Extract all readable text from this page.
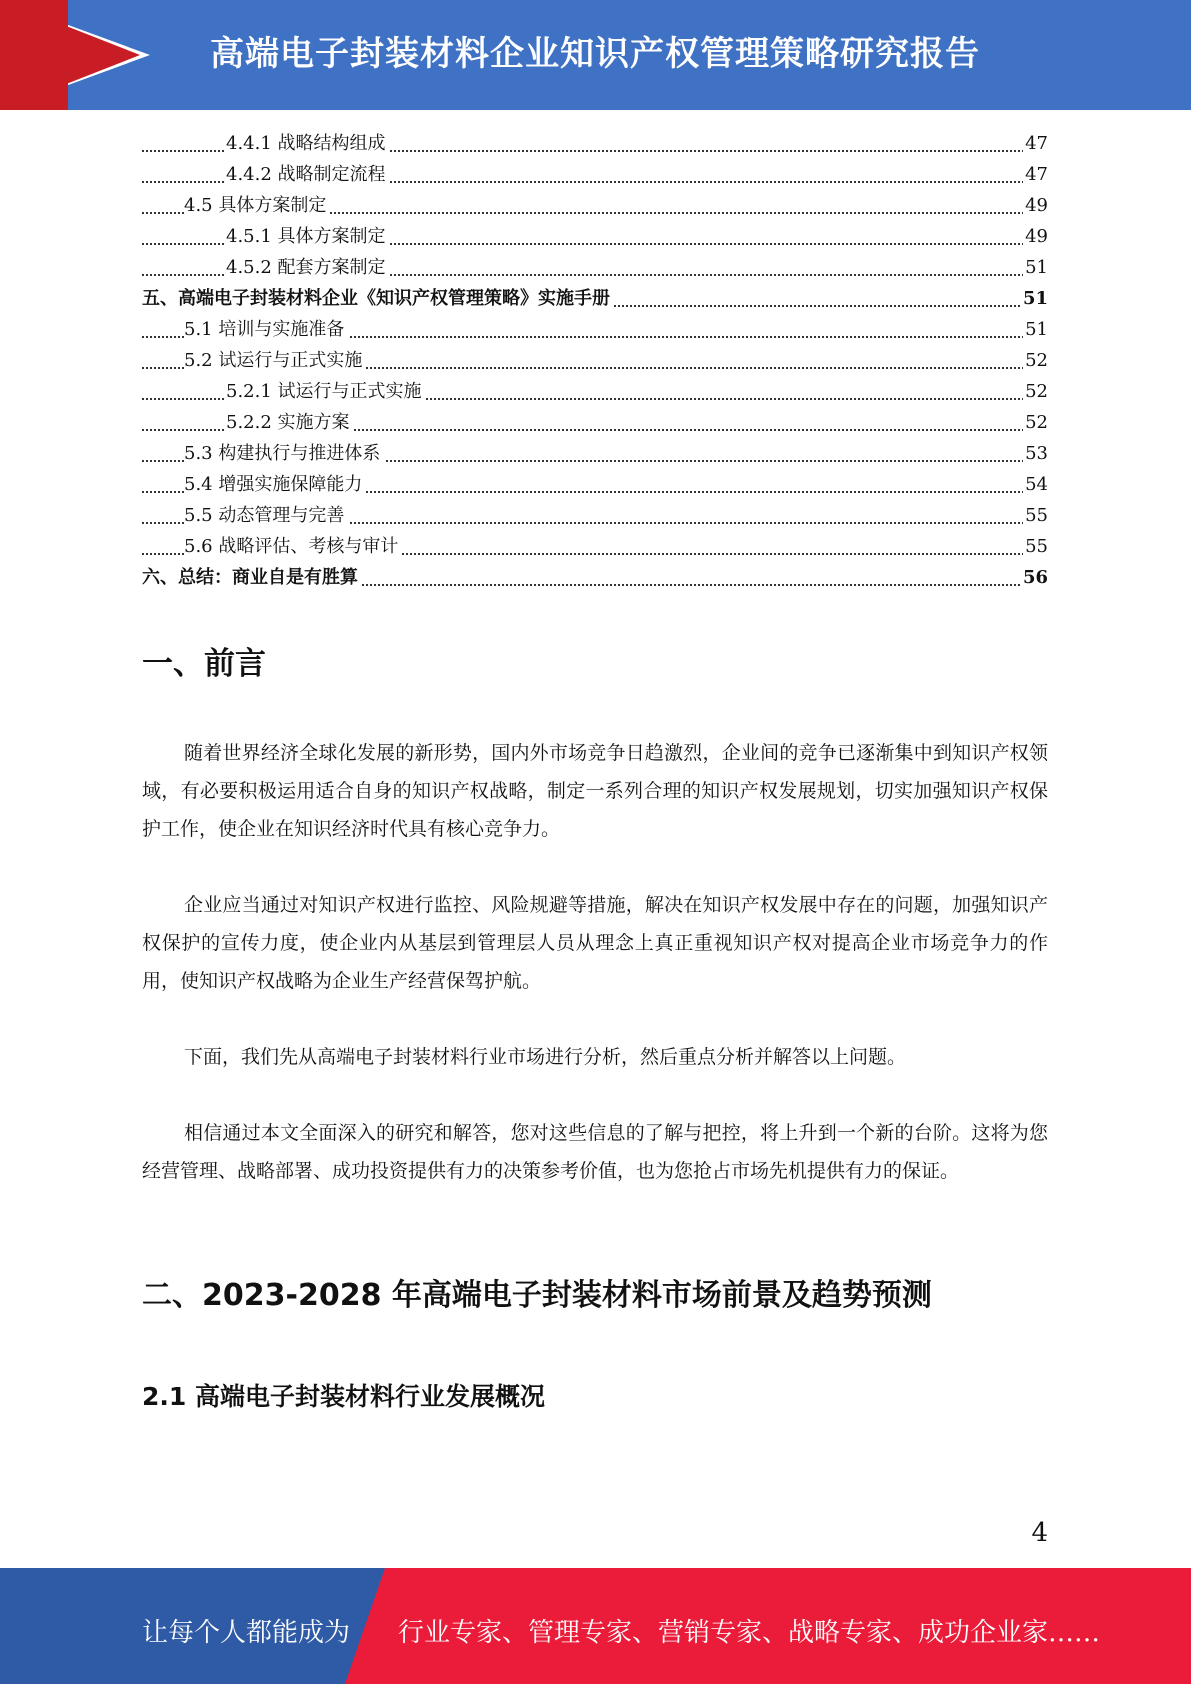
高端电子封装材料企业知识产权管理策略研究报告
4.4.1 战略结构组成	47
4.4.2 战略制定流程	47
4.5 具体方案制定	49
4.5.1 具体方案制定	49
4.5.2 配套方案制定	51
五、高端电子封装材料企业《知识产权管理策略》实施手册	51
5.1 培训与实施准备	51
5.2 试运行与正式实施	52
5.2.1 试运行与正式实施	52
5.2.2 实施方案	52
5.3 构建执行与推进体系	53
5.4 增强实施保障能力	54
5.5 动态管理与完善	55
5.6 战略评估、考核与审计	55
六、总结：商业自是有胜算	56
一、前言

随着世界经济全球化发展的新形势，国内外市场竞争日趋激烈，企业间的竞争已逐渐集中到知识产权领域，有必要积极运用适合自身的知识产权战略，制定一系列合理的知识产权发展规划，切实加强知识产权保护工作，使企业在知识经济时代具有核心竞争力。

企业应当通过对知识产权进行监控、风险规避等措施，解决在知识产权发展中存在的问题，加强知识产权保护的宣传力度，使企业内从基层到管理层人员从理念上真正重视知识产权对提高企业市场竞争力的作用，使知识产权战略为企业生产经营保驾护航。

下面，我们先从高端电子封装材料行业市场进行分析，然后重点分析并解答以上问题。

相信通过本文全面深入的研究和解答，您对这些信息的了解与把控，将上升到一个新的台阶。这将为您经营管理、战略部署、成功投资提供有力的决策参考价值，也为您抢占市场先机提供有力的保证。

二、2023-2028 年高端电子封装材料市场前景及趋势预测
2.1 高端电子封装材料行业发展概况
4
让每个人都能成为 行业专家、管理专家、营销专家、战略专家、成功企业家……
